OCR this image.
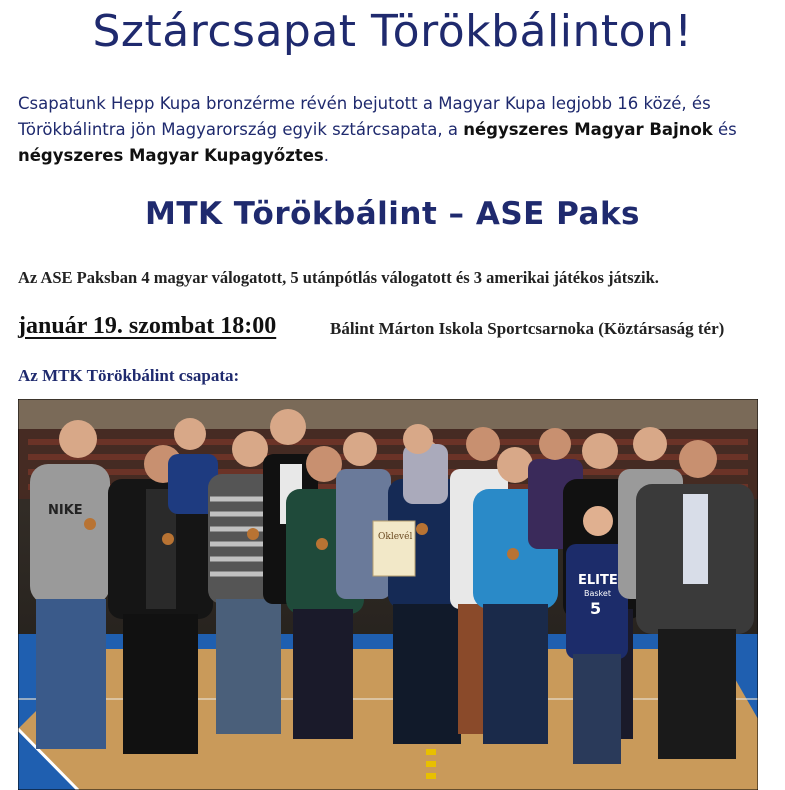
Sztárcsapat Törökbálinton!

Csapatunk Hepp Kupa bronzérme révén bejutott a Magyar Kupa legjobb 16 közé, és
Törökbálintra jön Magyarország egyik sztárcsapata, a négyszeres Magyar Bajnok és
négyszeres Magyar Kupagyőztes.

MTK Törökbálint – ASE Paks

Az ASE Paksban 4 magyar válogatott, 5 utánpótlás válogatott és 3 amerikai játékos játszik.

január 19. szombat 18:00	Bálint Márton Iskola Sportcsarnoka (Köztársaság tér)

Az MTK Törökbálint csapata:

NIKE
Oklevél
ELITE
Basket
5
